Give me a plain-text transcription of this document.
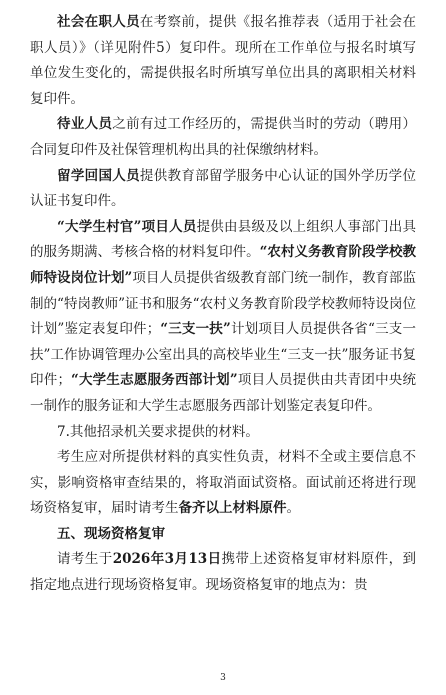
社会在职人员在考察前，提供《报名推荐表（适用于社会在职人员）》（详见附件5）复印件。现所在工作单位与报名时填写单位发生变化的，需提供报名时所填写单位出具的离职相关材料复印件。

待业人员之前有过工作经历的，需提供当时的劳动（聘用）合同复印件及社保管理机构出具的社保缴纳材料。

留学回国人员提供教育部留学服务中心认证的国外学历学位认证书复印件。

“大学生村官”项目人员提供由县级及以上组织人事部门出具的服务期满、考核合格的材料复印件。“农村义务教育阶段学校教师特设岗位计划”项目人员提供省级教育部门统一制作，教育部监制的“特岗教师”证书和服务“农村义务教育阶段学校教师特设岗位计划”鉴定表复印件；“三支一扶”计划项目人员提供各省“三支一扶”工作协调管理办公室出具的高校毕业生“三支一扶”服务证书复印件；“大学生志愿服务西部计划”项目人员提供由共青团中央统一制作的服务证和大学生志愿服务西部计划鉴定表复印件。

7.其他招录机关要求提供的材料。

考生应对所提供材料的真实性负责，材料不全或主要信息不实，影响资格审查结果的，将取消面试资格。面试前还将进行现场资格复审，届时请考生备齐以上材料原件。

五、现场资格复审

请考生于2026年3月13日携带上述资格复审材料原件，到指定地点进行现场资格复审。现场资格复审的地点为：贵

3
